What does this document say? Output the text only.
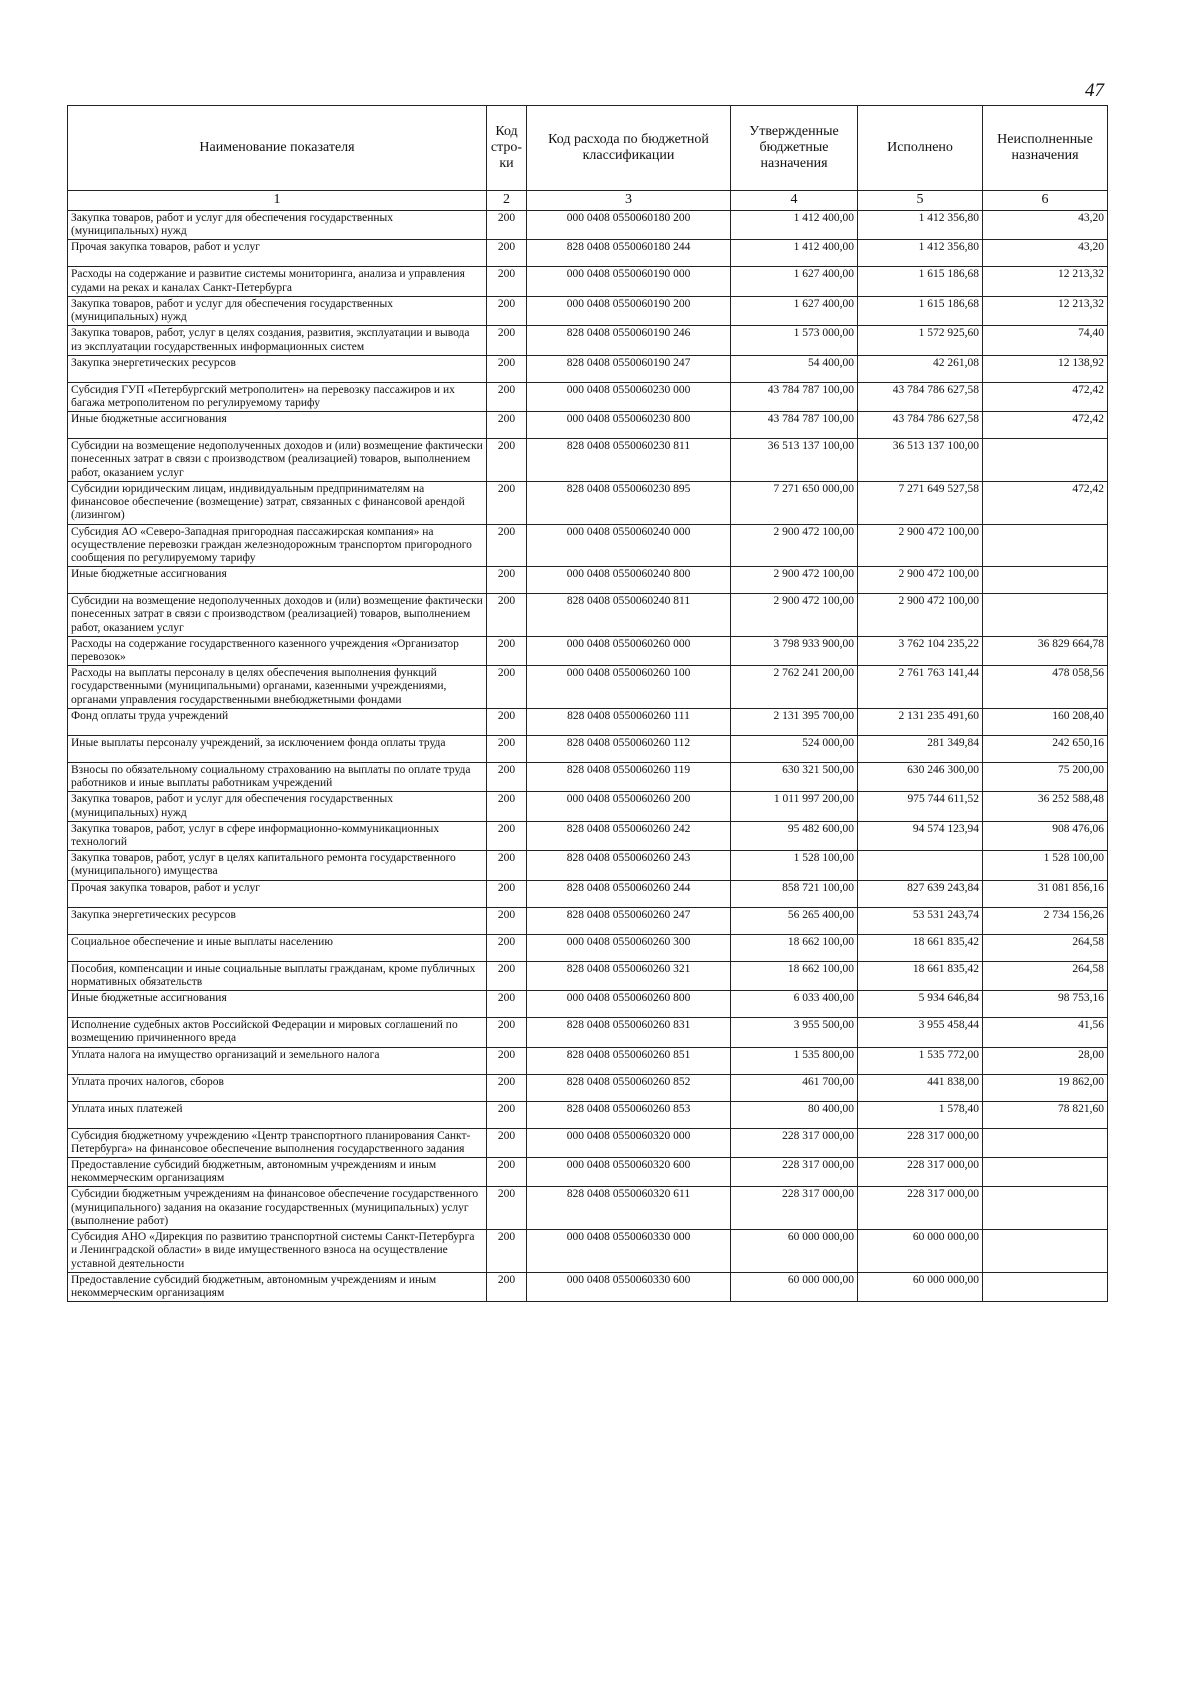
47
Наименование показателя	Код стро-ки	Код расхода по бюджетной классификации	Утвержденные бюджетные назначения	Исполнено	Неисполненные назначения
1	2	3	4	5	6
Закупка товаров, работ и услуг для обеспечения государственных (муниципальных) нужд	200	000 0408 0550060180 200	1 412 400,00	1 412 356,80	43,20
Прочая закупка товаров, работ и услуг	200	828 0408 0550060180 244	1 412 400,00	1 412 356,80	43,20
Расходы на содержание и развитие системы мониторинга, анализа и управления судами на реках и каналах Санкт-Петербурга	200	000 0408 0550060190 000	1 627 400,00	1 615 186,68	12 213,32
Закупка товаров, работ и услуг для обеспечения государственных (муниципальных) нужд	200	000 0408 0550060190 200	1 627 400,00	1 615 186,68	12 213,32
Закупка товаров, работ, услуг в целях создания, развития, эксплуатации и вывода из эксплуатации государственных информационных систем	200	828 0408 0550060190 246	1 573 000,00	1 572 925,60	74,40
Закупка энергетических ресурсов	200	828 0408 0550060190 247	54 400,00	42 261,08	12 138,92
Субсидия ГУП «Петербургский метрополитен» на перевозку пассажиров и их багажа метрополитеном по регулируемому тарифу	200	000 0408 0550060230 000	43 784 787 100,00	43 784 786 627,58	472,42
Иные бюджетные ассигнования	200	000 0408 0550060230 800	43 784 787 100,00	43 784 786 627,58	472,42
Субсидии на возмещение недополученных доходов и (или) возмещение фактически понесенных затрат в связи с производством (реализацией) товаров, выполнением работ, оказанием услуг	200	828 0408 0550060230 811	36 513 137 100,00	36 513 137 100,00	
Субсидии юридическим лицам, индивидуальным предпринимателям на финансовое обеспечение (возмещение) затрат, связанных с финансовой арендой (лизингом)	200	828 0408 0550060230 895	7 271 650 000,00	7 271 649 527,58	472,42
Субсидия АО «Северо-Западная пригородная пассажирская компания» на осуществление перевозки граждан железнодорожным транспортом пригородного сообщения по регулируемому тарифу	200	000 0408 0550060240 000	2 900 472 100,00	2 900 472 100,00	
Иные бюджетные ассигнования	200	000 0408 0550060240 800	2 900 472 100,00	2 900 472 100,00	
Субсидии на возмещение недополученных доходов и (или) возмещение фактически понесенных затрат в связи с производством (реализацией) товаров, выполнением работ, оказанием услуг	200	828 0408 0550060240 811	2 900 472 100,00	2 900 472 100,00	
Расходы на содержание государственного казенного учреждения «Организатор перевозок»	200	000 0408 0550060260 000	3 798 933 900,00	3 762 104 235,22	36 829 664,78
Расходы на выплаты персоналу в целях обеспечения выполнения функций государственными (муниципальными) органами, казенными учреждениями, органами управления государственными внебюджетными фондами	200	000 0408 0550060260 100	2 762 241 200,00	2 761 763 141,44	478 058,56
Фонд оплаты труда учреждений	200	828 0408 0550060260 111	2 131 395 700,00	2 131 235 491,60	160 208,40
Иные выплаты персоналу учреждений, за исключением фонда оплаты труда	200	828 0408 0550060260 112	524 000,00	281 349,84	242 650,16
Взносы по обязательному социальному страхованию на выплаты по оплате труда работников и иные выплаты работникам учреждений	200	828 0408 0550060260 119	630 321 500,00	630 246 300,00	75 200,00
Закупка товаров, работ и услуг для обеспечения государственных (муниципальных) нужд	200	000 0408 0550060260 200	1 011 997 200,00	975 744 611,52	36 252 588,48
Закупка товаров, работ, услуг в сфере информационно-коммуникационных технологий	200	828 0408 0550060260 242	95 482 600,00	94 574 123,94	908 476,06
Закупка товаров, работ, услуг в целях капитального ремонта государственного (муниципального) имущества	200	828 0408 0550060260 243	1 528 100,00		1 528 100,00
Прочая закупка товаров, работ и услуг	200	828 0408 0550060260 244	858 721 100,00	827 639 243,84	31 081 856,16
Закупка энергетических ресурсов	200	828 0408 0550060260 247	56 265 400,00	53 531 243,74	2 734 156,26
Социальное обеспечение и иные выплаты населению	200	000 0408 0550060260 300	18 662 100,00	18 661 835,42	264,58
Пособия, компенсации и иные социальные выплаты гражданам, кроме публичных нормативных обязательств	200	828 0408 0550060260 321	18 662 100,00	18 661 835,42	264,58
Иные бюджетные ассигнования	200	000 0408 0550060260 800	6 033 400,00	5 934 646,84	98 753,16
Исполнение судебных актов Российской Федерации и мировых соглашений по возмещению причиненного вреда	200	828 0408 0550060260 831	3 955 500,00	3 955 458,44	41,56
Уплата налога на имущество организаций и земельного налога	200	828 0408 0550060260 851	1 535 800,00	1 535 772,00	28,00
Уплата прочих налогов, сборов	200	828 0408 0550060260 852	461 700,00	441 838,00	19 862,00
Уплата иных платежей	200	828 0408 0550060260 853	80 400,00	1 578,40	78 821,60
Субсидия бюджетному учреждению «Центр транспортного планирования Санкт-Петербурга» на финансовое обеспечение выполнения государственного задания	200	000 0408 0550060320 000	228 317 000,00	228 317 000,00	
Предоставление субсидий бюджетным, автономным учреждениям и иным некоммерческим организациям	200	000 0408 0550060320 600	228 317 000,00	228 317 000,00	
Субсидии бюджетным учреждениям на финансовое обеспечение государственного (муниципального) задания на оказание государственных (муниципальных) услуг (выполнение работ)	200	828 0408 0550060320 611	228 317 000,00	228 317 000,00	
Субсидия АНО «Дирекция по развитию транспортной системы Санкт-Петербурга и Ленинградской области» в виде имущественного взноса на осуществление уставной деятельности	200	000 0408 0550060330 000	60 000 000,00	60 000 000,00	
Предоставление субсидий бюджетным, автономным учреждениям и иным некоммерческим организациям	200	000 0408 0550060330 600	60 000 000,00	60 000 000,00	
